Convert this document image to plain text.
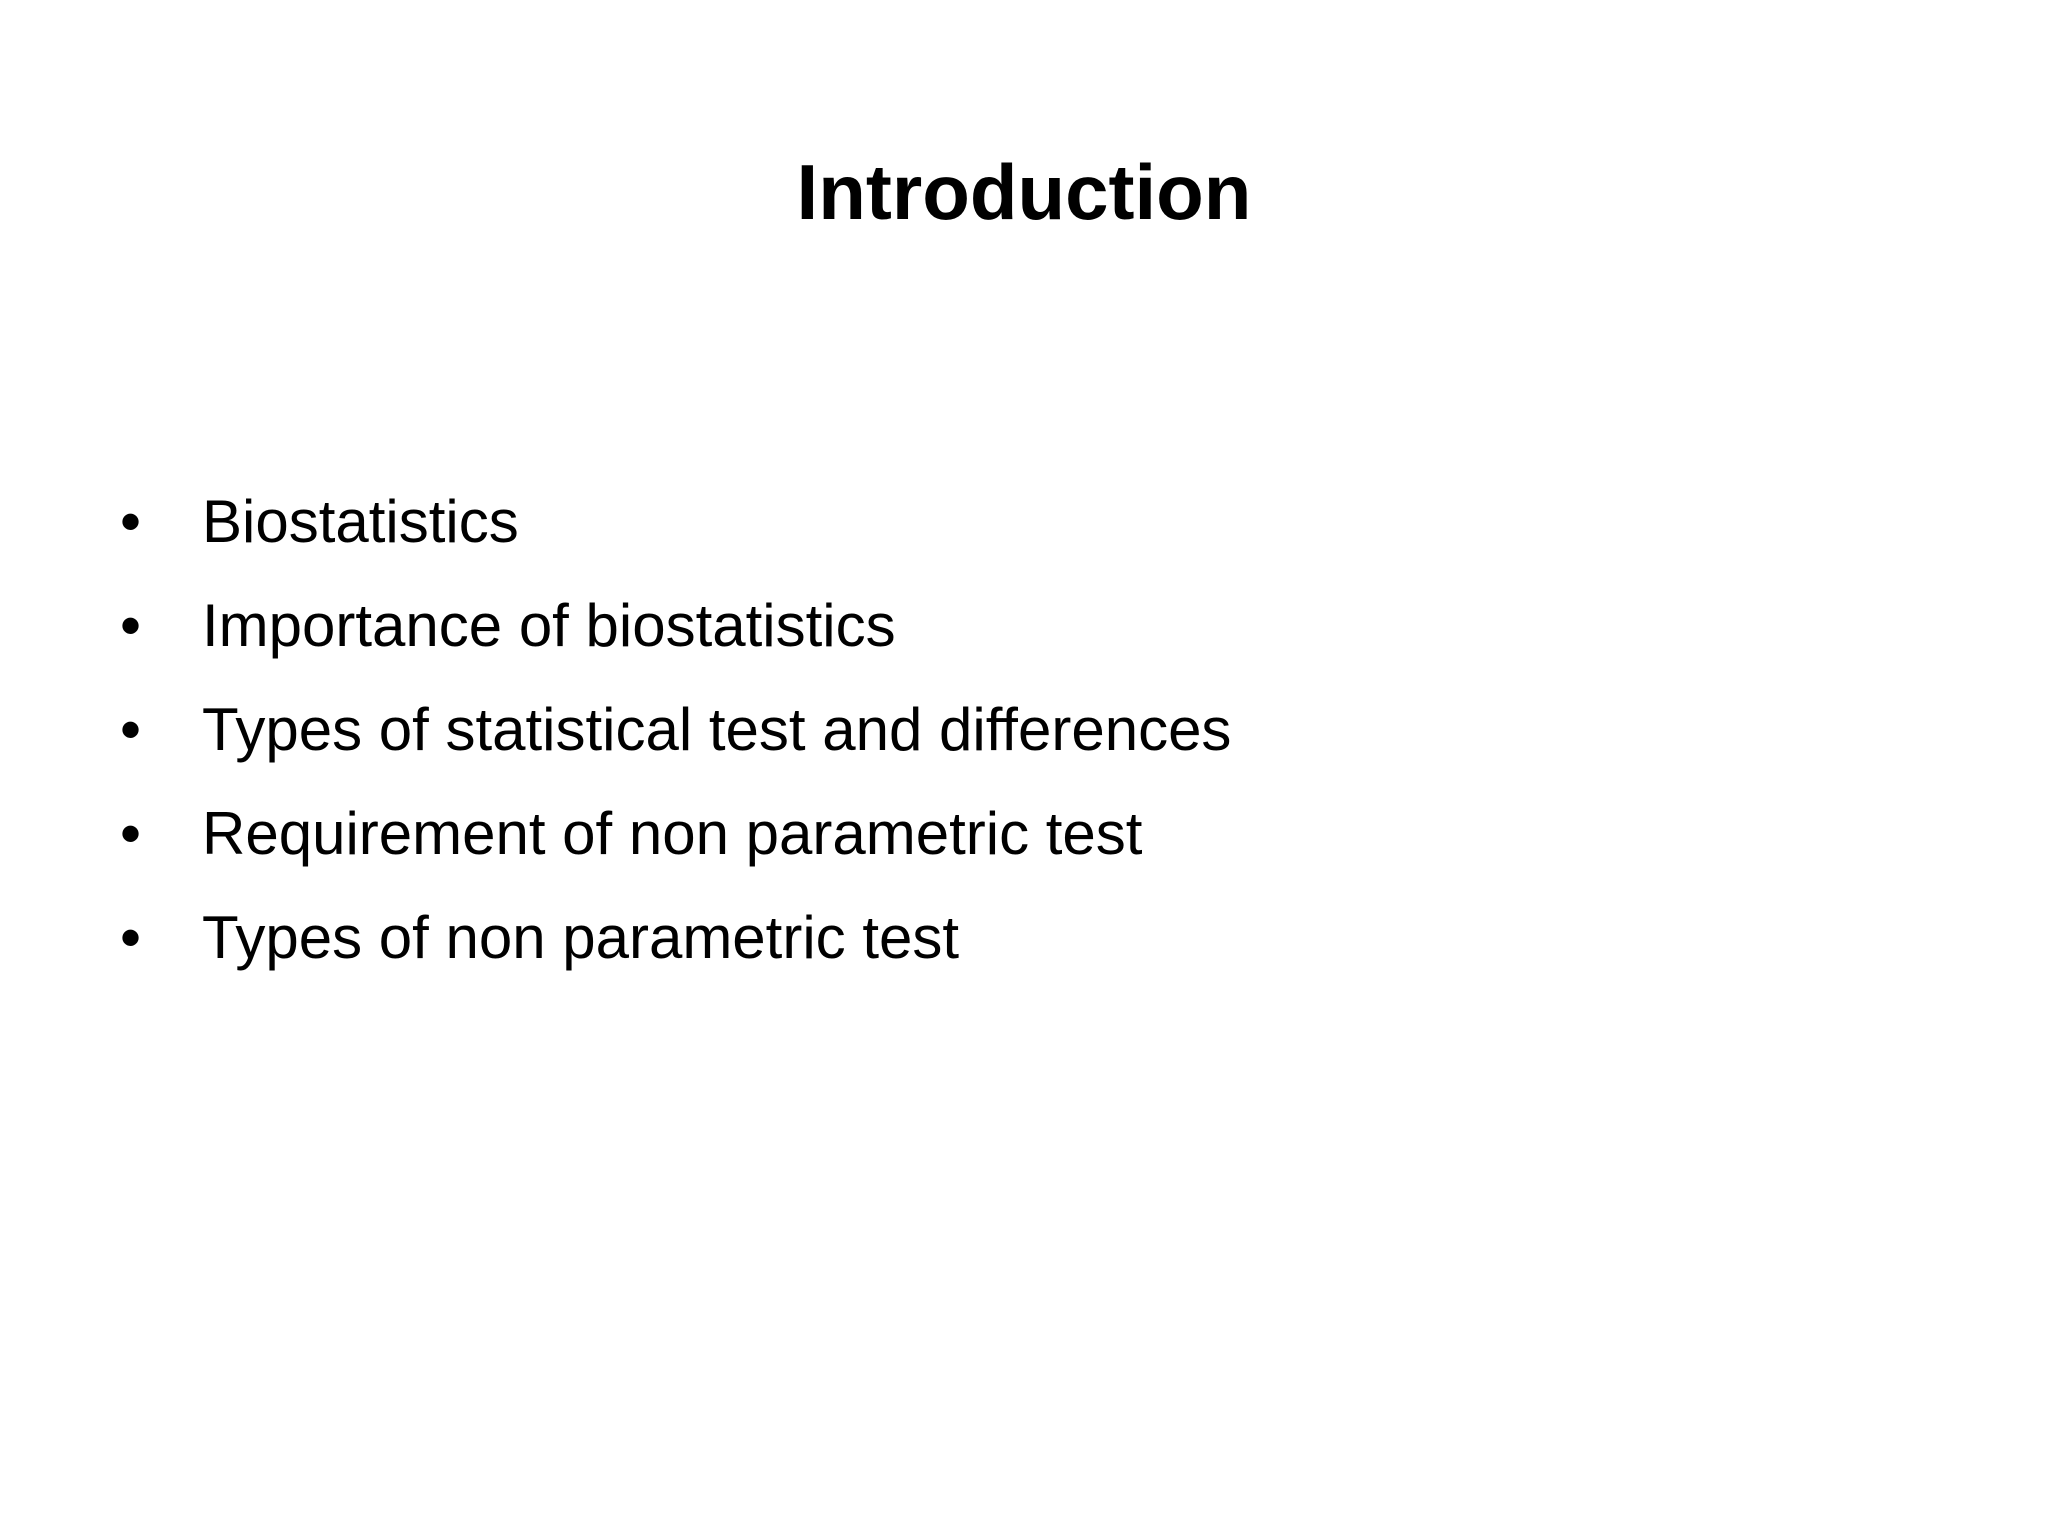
Introduction
•	Biostatistics
•	Importance of biostatistics
•	Types of statistical test and differences
•	Requirement of non parametric test
•	Types of non parametric test
